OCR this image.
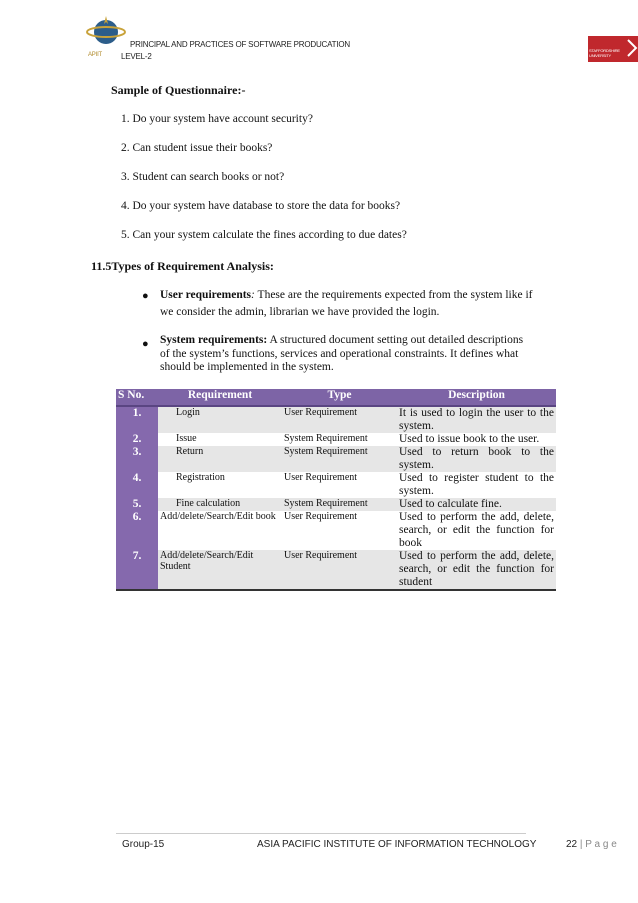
APIIT
PRINCIPAL AND PRACTICES OF SOFTWARE PRODUCATION
LEVEL-2
STAFFORDSHIRE UNIVERSITY
Sample of Questionnaire:-
1. Do your system have account security?
2. Can student issue their books?
3. Student can search books or not?
4. Do your system have database to store the data for books?
5. Can your system calculate the fines according to due dates?
11.5Types of Requirement Analysis:
● User requirements: These are the requirements expected from the system like if
we consider the admin, librarian we have provided the login.
● System requirements: A structured document setting out detailed descriptions
of the system’s functions, services and operational constraints. It defines what
should be implemented in the system.
S No.	Requirement	Type	Description
1.	Login	User Requirement	It is used to login the user to the system.
2.	Issue	System Requirement	Used to issue book to the user.
3.	Return	System Requirement	Used to return book to the system.
4.	Registration	User Requirement	Used to register student to the system.
5.	Fine calculation	System Requirement	Used to calculate fine.
6.	Add/delete/Search/Edit book	User Requirement	Used to perform the add, delete, search, or edit the function for book
7.	Add/delete/Search/Edit Student	User Requirement	Used to perform the add, delete, search, or edit the function for student
Group-15	ASIA PACIFIC INSTITUTE OF INFORMATION TECHNOLOGY	22 | P a g e
